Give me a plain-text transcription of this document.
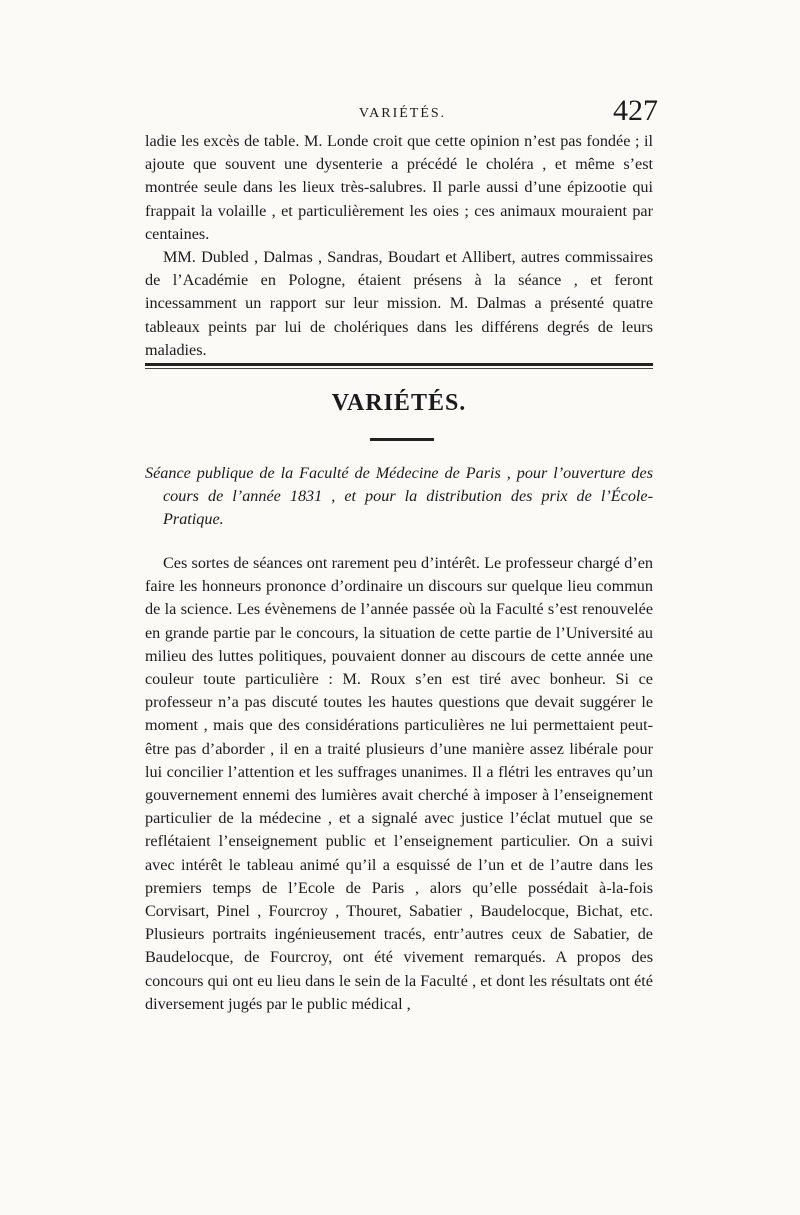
VARIÉTÉS.	427

ladie les excès de table. M. Londe croit que cette opinion n’est pas fondée ; il ajoute que souvent une dysenterie a précédé le choléra , et même s’est montrée seule dans les lieux très-salubres. Il parle aussi d’une épizootie qui frappait la volaille , et particulièrement les oies ; ces animaux mouraient par centaines.

MM. Dubled , Dalmas , Sandras, Boudart et Allibert, autres commissaires de l’Académie en Pologne, étaient présens à la séance , et feront incessamment un rapport sur leur mission. M. Dalmas a présenté quatre tableaux peints par lui de cholériques dans les différens degrés de leurs maladies.

VARIÉTÉS.
Séance publique de la Faculté de Médecine de Paris , pour l’ouverture des cours de l’année 1831 , et pour la distribution des prix de l’École-Pratique.

Ces sortes de séances ont rarement peu d’intérêt. Le professeur chargé d’en faire les honneurs prononce d’ordinaire un discours sur quelque lieu commun de la science. Les évènemens de l’année passée où la Faculté s’est renouvelée en grande partie par le concours, la situation de cette partie de l’Université au milieu des luttes politiques, pouvaient donner au discours de cette année une couleur toute particulière : M. Roux s’en est tiré avec bonheur. Si ce professeur n’a pas discuté toutes les hautes questions que devait suggérer le moment , mais que des considérations particulières ne lui permettaient peut-être pas d’aborder , il en a traité plusieurs d’une manière assez libérale pour lui concilier l’attention et les suffrages unanimes. Il a flétri les entraves qu’un gouvernement ennemi des lumières avait cherché à imposer à l’enseignement particulier de la médecine , et a signalé avec justice l’éclat mutuel que se reflétaient l’enseignement public et l’enseignement particulier. On a suivi avec intérêt le tableau animé qu’il a esquissé de l’un et de l’autre dans les premiers temps de l’Ecole de Paris , alors qu’elle possédait à-la-fois Corvisart, Pinel , Fourcroy , Thouret, Sabatier , Baudelocque, Bichat, etc. Plusieurs portraits ingénieusement tracés, entr’autres ceux de Sabatier, de Baudelocque, de Fourcroy, ont été vivement remarqués. A propos des concours qui ont eu lieu dans le sein de la Faculté , et dont les résultats ont été diversement jugés par le public médical ,
